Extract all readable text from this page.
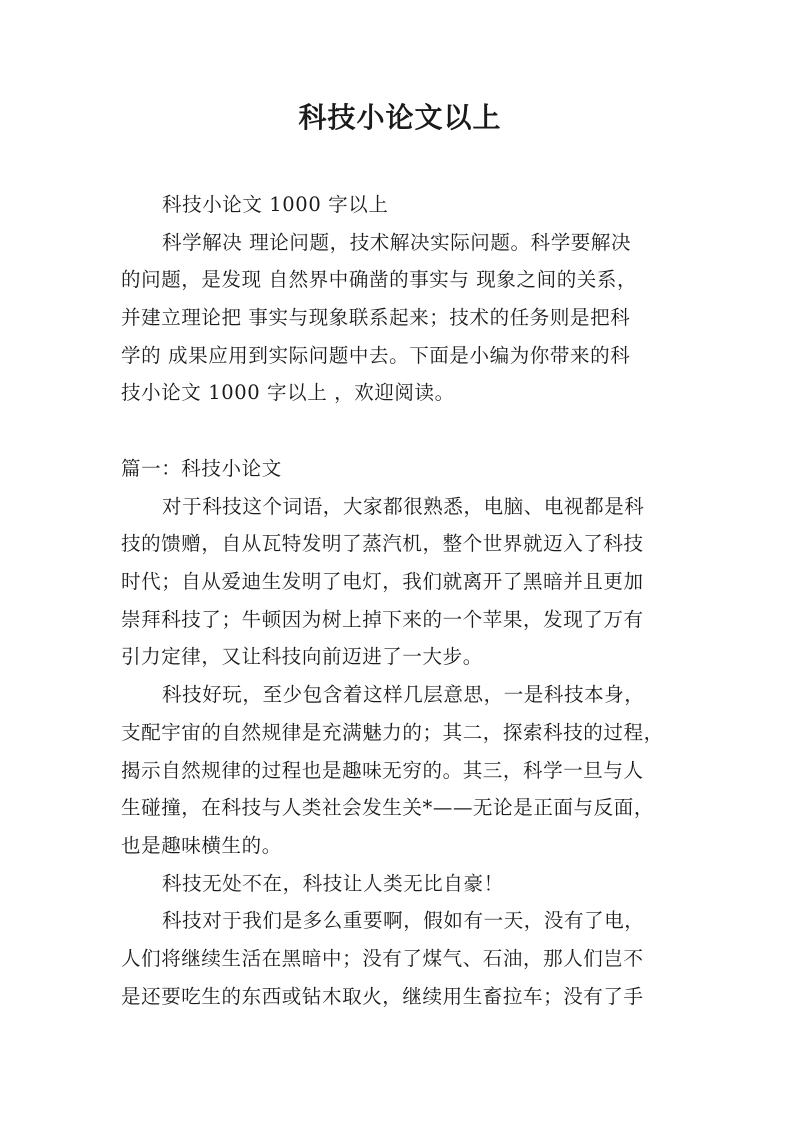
科技小论文以上
科技小论文 1000 字以上
科学解决 理论问题，技术解决实际问题。科学要解决
的问题，是发现 自然界中确凿的事实与 现象之间的关系，
并建立理论把 事实与现象联系起来；技术的任务则是把科
学的 成果应用到实际问题中去。下面是小编为你带来的科
技小论文 1000 字以上 ，欢迎阅读。
篇一：科技小论文
对于科技这个词语，大家都很熟悉，电脑、电视都是科
技的馈赠，自从瓦特发明了蒸汽机，整个世界就迈入了科技
时代；自从爱迪生发明了电灯，我们就离开了黑暗并且更加
崇拜科技了；牛顿因为树上掉下来的一个苹果，发现了万有
引力定律，又让科技向前迈进了一大步。
科技好玩，至少包含着这样几层意思，一是科技本身，
支配宇宙的自然规律是充满魅力的；其二，探索科技的过程，
揭示自然规律的过程也是趣味无穷的。其三，科学一旦与人
生碰撞，在科技与人类社会发生关*——无论是正面与反面，
也是趣味横生的。
科技无处不在，科技让人类无比自豪！
科技对于我们是多么重要啊，假如有一天，没有了电，
人们将继续生活在黑暗中；没有了煤气、石油，那人们岂不
是还要吃生的东西或钻木取火，继续用生畜拉车；没有了手
